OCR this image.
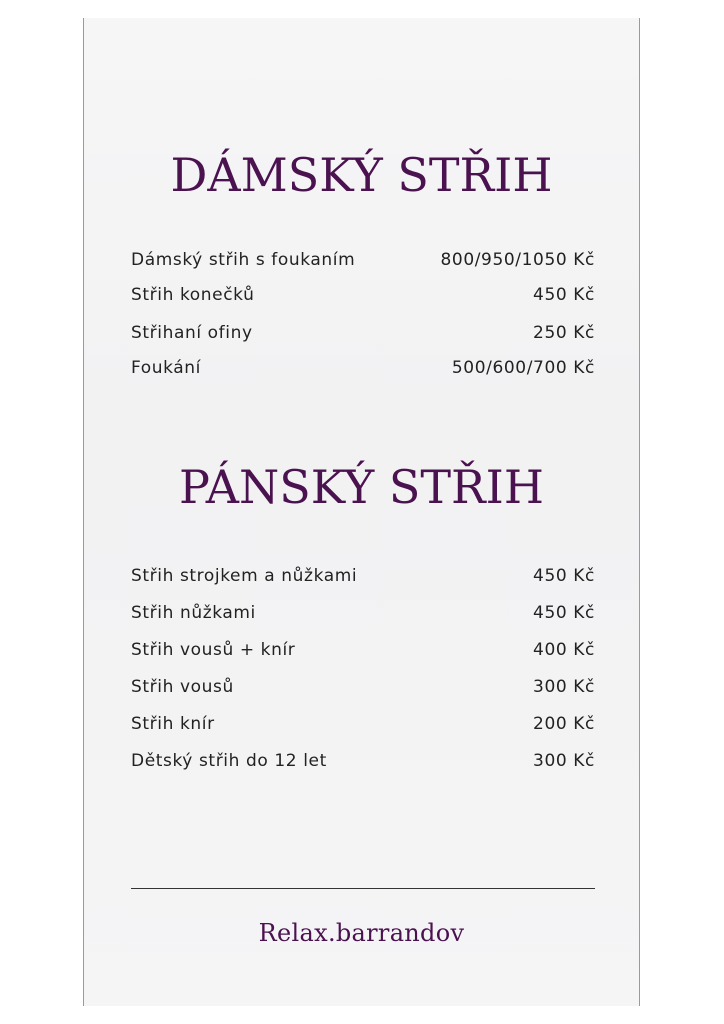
DÁMSKÝ STŘIH
Dámský střih s foukaním	800/950/1050 Kč
Střih konečků	450 Kč
Střihaní ofiny	250 Kč
Foukání	500/600/700 Kč
PÁNSKÝ STŘIH
Střih strojkem a nůžkami	450 Kč
Střih nůžkami	450 Kč
Střih vousů + knír	400 Kč
Střih vousů	300 Kč
Střih knír	200 Kč
Dětský střih do 12 let	300 Kč
Relax.barrandov
